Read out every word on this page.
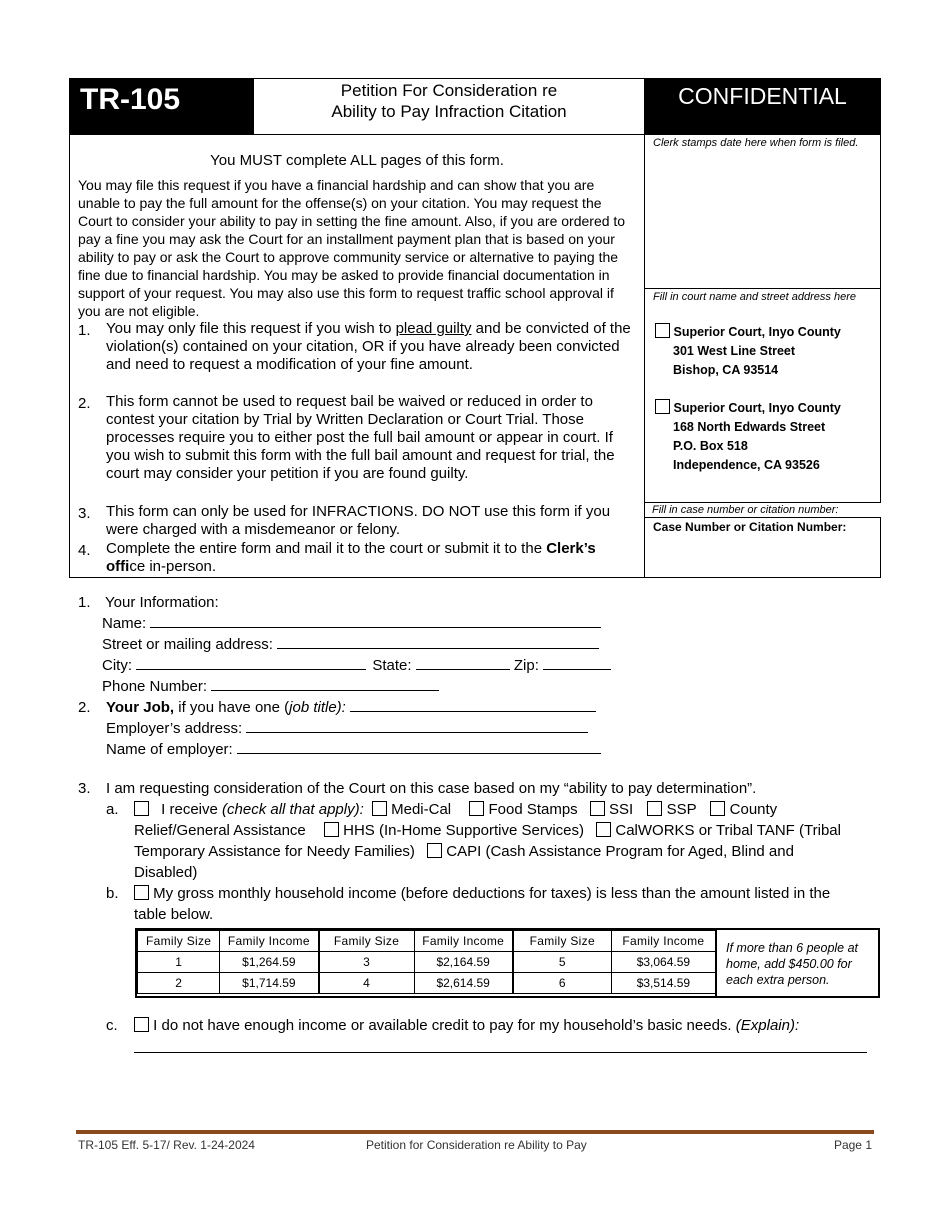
TR-105	Petition For Consideration re
Ability to Pay Infraction Citation
CONFIDENTIAL
You MUST complete ALL pages of this form.
You may file this request if you have a financial hardship and can show that you are unable to pay the full amount for the offense(s) on your citation. You may request the Court to consider your ability to pay in setting the fine amount. Also, if you are ordered to pay a fine you may ask the Court for an installment payment plan that is based on your ability to pay or ask the Court to approve community service or alternative to paying the fine due to financial hardship. You may be asked to provide financial documentation in support of your request. You may also use this form to request traffic school approval if you are not eligible.
1. You may only file this request if you wish to plead guilty and be convicted of the violation(s) contained on your citation, OR if you have already been convicted and need to request a modification of your fine amount.
2. This form cannot be used to request bail be waived or reduced in order to contest your citation by Trial by Written Declaration or Court Trial. Those processes require you to either post the full bail amount or appear in court. If you wish to submit this form with the full bail amount and request for trial, the court may consider your petition if you are found guilty.
3. This form can only be used for INFRACTIONS. DO NOT use this form if you were charged with a misdemeanor or felony.
4. Complete the entire form and mail it to the court or submit it to the Clerk’s office in-person.
Clerk stamps date here when form is filed.
Fill in court name and street address here
Superior Court, Inyo County
301 West Line Street
Bishop, CA 93514
Superior Court, Inyo County
168 North Edwards Street
P.O. Box 518
Independence, CA 93526
Fill in case number or citation number:
Case Number or Citation Number:
1. Your Information:
Name:
Street or mailing address:
City:	State:	Zip:
Phone Number:
2. Your Job, if you have one (job title):
Employer’s address:
Name of employer:
3. I am requesting consideration of the Court on this case based on my “ability to pay determination”.
a.	I receive (check all that apply): Medi-Cal Food Stamps SSI SSP County
Relief/General Assistance HHS (In-Home Supportive Services) CalWORKS or Tribal TANF (Tribal
Temporary Assistance for Needy Families) CAPI (Cash Assistance Program for Aged, Blind and
Disabled)
b.	My gross monthly household income (before deductions for taxes) is less than the amount listed in the
table below.
Family Size	Family Income	Family Size	Family Income	Family Size	Family Income
1	$1,264.59	3	$2,164.59	5	$3,064.59
2	$1,714.59	4	$2,614.59	6	$3,514.59
If more than 6 people at home, add $450.00 for each extra person.
c.	I do not have enough income or available credit to pay for my household’s basic needs. (Explain):
TR-105 Eff. 5-17/ Rev. 1-24-2024	Petition for Consideration re Ability to Pay	Page 1
